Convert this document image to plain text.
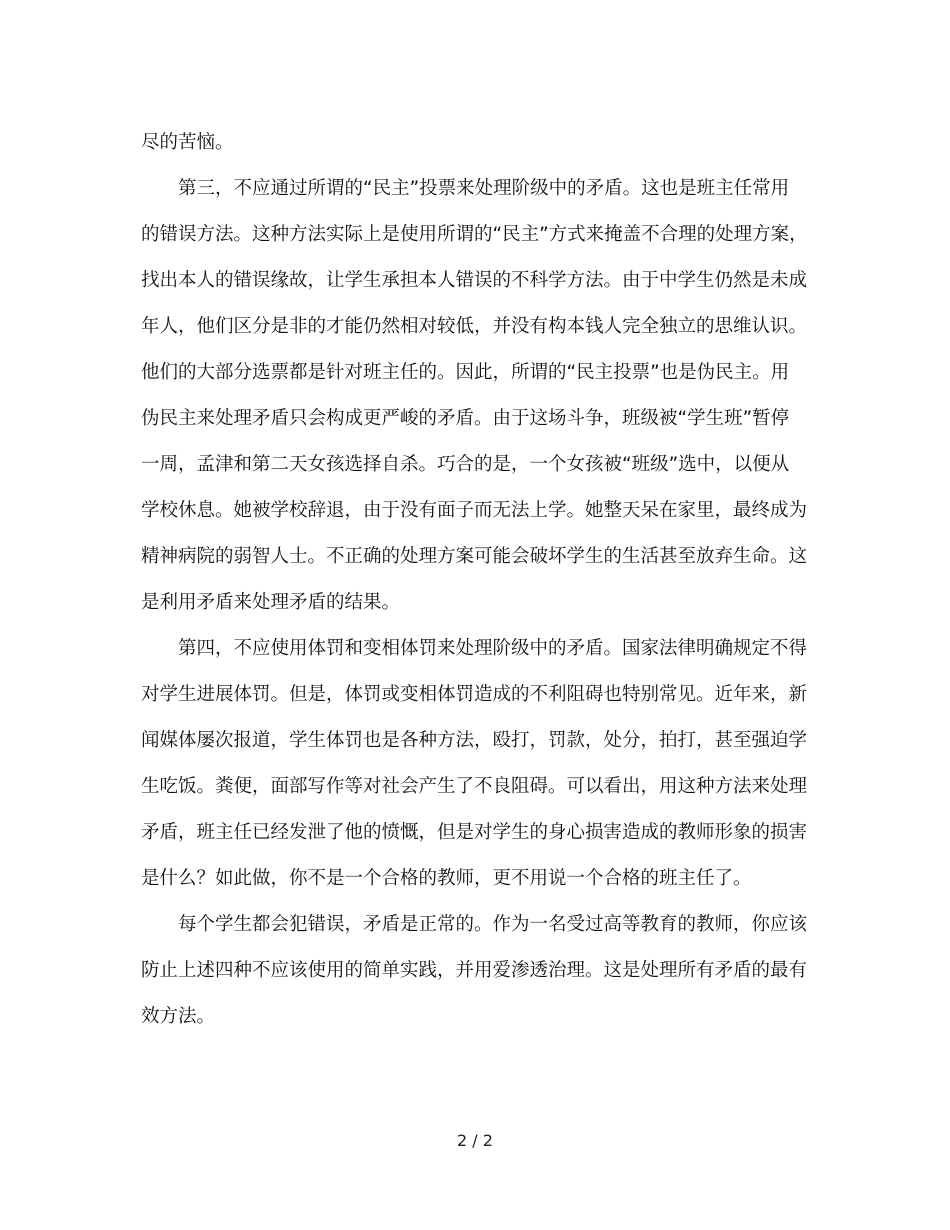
尽的苦恼。
第三，不应通过所谓的“民主”投票来处理阶级中的矛盾。这也是班主任常用
的错误方法。这种方法实际上是使用所谓的“民主”方式来掩盖不合理的处理方案，
找出本人的错误缘故，让学生承担本人错误的不科学方法。由于中学生仍然是未成
年人，他们区分是非的才能仍然相对较低，并没有构本钱人完全独立的思维认识。
他们的大部分选票都是针对班主任的。因此，所谓的“民主投票”也是伪民主。用
伪民主来处理矛盾只会构成更严峻的矛盾。由于这场斗争，班级被“学生班”暂停
一周，孟津和第二天女孩选择自杀。巧合的是，一个女孩被“班级”选中，以便从
学校休息。她被学校辞退，由于没有面子而无法上学。她整天呆在家里，最终成为
精神病院的弱智人士。不正确的处理方案可能会破坏学生的生活甚至放弃生命。这
是利用矛盾来处理矛盾的结果。
第四，不应使用体罚和变相体罚来处理阶级中的矛盾。国家法律明确规定不得
对学生进展体罚。但是，体罚或变相体罚造成的不利阻碍也特别常见。近年来，新
闻媒体屡次报道，学生体罚也是各种方法，殴打，罚款，处分，拍打，甚至强迫学
生吃饭。粪便，面部写作等对社会产生了不良阻碍。可以看出，用这种方法来处理
矛盾，班主任已经发泄了他的愤慨，但是对学生的身心损害造成的教师形象的损害
是什么？如此做，你不是一个合格的教师，更不用说一个合格的班主任了。
每个学生都会犯错误，矛盾是正常的。作为一名受过高等教育的教师，你应该
防止上述四种不应该使用的简单实践，并用爱渗透治理。这是处理所有矛盾的最有
效方法。
2 / 2
